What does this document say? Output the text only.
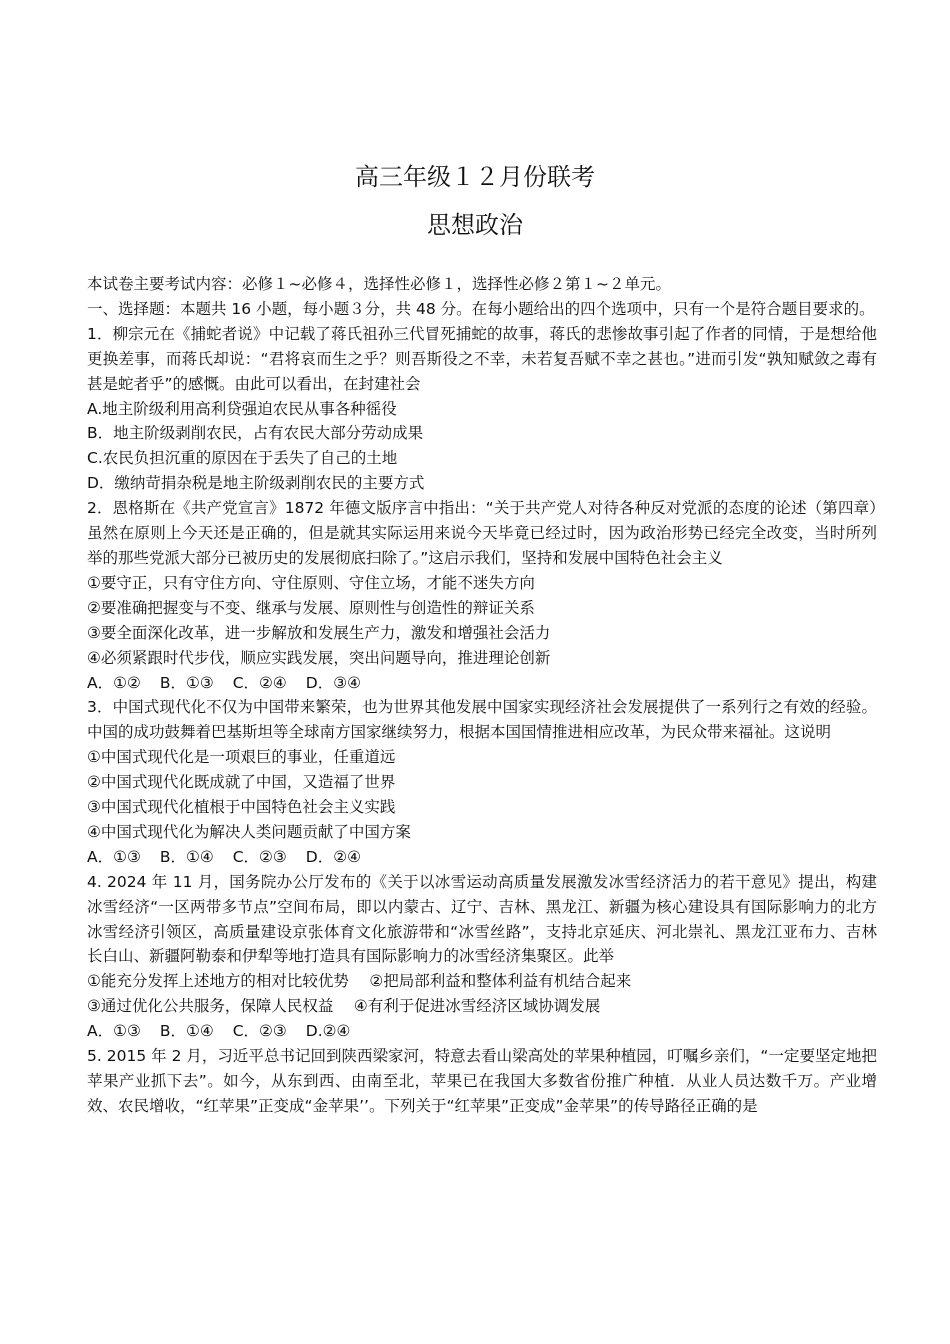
高三年级１２月份联考
思想政治

本试卷主要考试内容：必修１~必修４，选择性必修１，选择性必修２第１~２单元。

一、选择题：本题共 16 小题，每小题３分，共 48 分。在每小题给出的四个选项中，只有一个是符合题目要求的。

1．柳宗元在《捕蛇者说》中记载了蒋氏祖孙三代冒死捕蛇的故事，蒋氏的悲惨故事引起了作者的同情，于是想给他更换差事，而蒋氏却说：“君将哀而生之乎？则吾斯役之不幸，未若复吾赋不幸之甚也。”进而引发“孰知赋敛之毒有甚是蛇者乎”的感慨。由此可以看出，在封建社会

A.地主阶级利用高利贷强迫农民从事各种徭役

B．地主阶级剥削农民，占有农民大部分劳动成果

C.农民负担沉重的原因在于丢失了自己的土地

D．缴纳苛捐杂税是地主阶级剥削农民的主要方式

2．恩格斯在《共产党宣言》1872 年德文版序言中指出：“关于共产党人对待各种反对党派的态度的论述（第四章）虽然在原则上今天还是正确的，但是就其实际运用来说今天毕竟已经过时，因为政治形势已经完全改变，当时所列举的那些党派大部分已被历史的发展彻底扫除了。”这启示我们，坚持和发展中国特色社会主义

①要守正，只有守住方向、守住原则、守住立场，才能不迷失方向

②要准确把握变与不变、继承与发展、原则性与创造性的辩证关系

③要全面深化改革，进一步解放和发展生产力，激发和增强社会活力

④必须紧跟时代步伐，顺应实践发展，突出问题导向，推进理论创新

A．①② B．①③ C．②④ D．③④

3．中国式现代化不仅为中国带来繁荣，也为世界其他发展中国家实现经济社会发展提供了一系列行之有效的经验。中国的成功鼓舞着巴基斯坦等全球南方国家继续努力，根据本国国情推进相应改革，为民众带来福祉。这说明

①中国式现代化是一项艰巨的事业，任重道远

②中国式现代化既成就了中国，又造福了世界

③中国式现代化植根于中国特色社会主义实践

④中国式现代化为解决人类问题贡献了中国方案

A．①③ B．①④ C．②③ D．②④

4. 2024 年 11 月，国务院办公厅发布的《关于以冰雪运动高质量发展激发冰雪经济活力的若干意见》提出，构建冰雪经济“一区两带多节点”空间布局，即以内蒙古、辽宁、吉林、黑龙江、新疆为核心建设具有国际影响力的北方冰雪经济引领区，高质量建设京张体育文化旅游带和“冰雪丝路”，支持北京延庆、河北崇礼、黑龙江亚布力、吉林长白山、新疆阿勒泰和伊犁等地打造具有国际影响力的冰雪经济集聚区。此举

①能充分发挥上述地方的相对比较优势　 ②把局部利益和整体利益有机结合起来

③通过优化公共服务，保障人民权益　 ④有利于促进冰雪经济区域协调发展

A．①③ B．①④ C．②③ D.②④

5. 2015 年 2 月，习近平总书记回到陕西梁家河，特意去看山梁高处的苹果种植园，叮嘱乡亲们，“一定要坚定地把苹果产业抓下去”。如今，从东到西、由南至北，苹果已在我国大多数省份推广种植．从业人员达数千万。产业增效、农民增收，“红苹果”正变成“金苹果’’。下列关于“红苹果”正变成”金苹果”的传导路径正确的是
